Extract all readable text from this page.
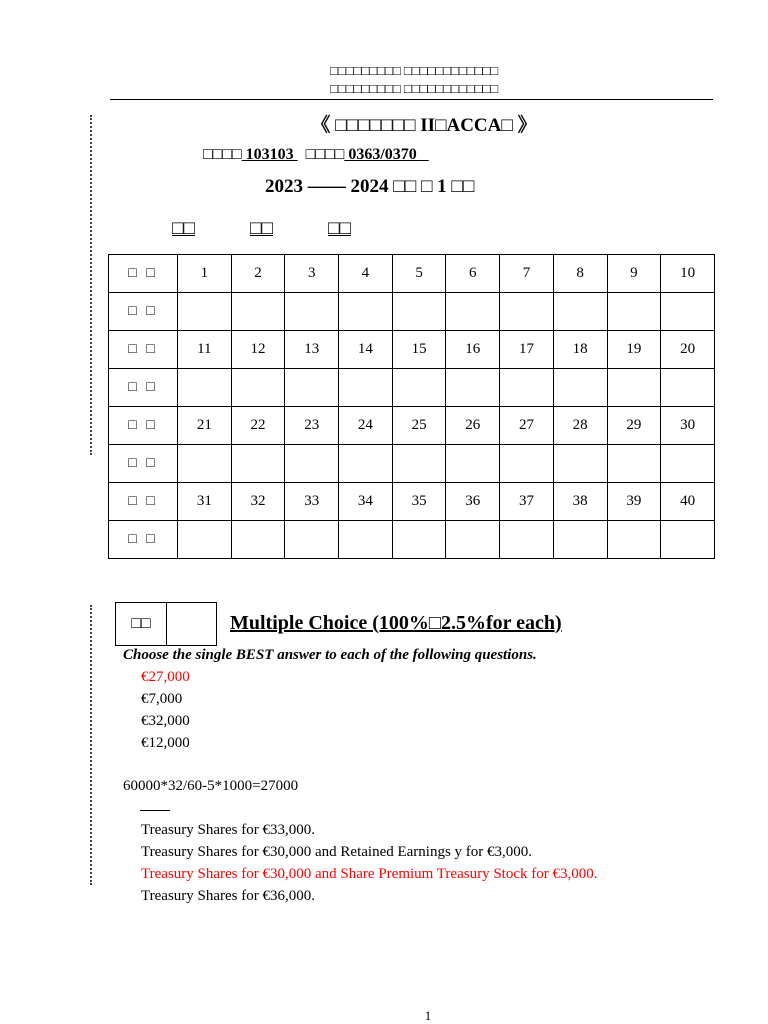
□□□□□□□□□ □□□□□□□□□□□□
□□□□□□□□□ □□□□□□□□□□□□
《 □□□□□□□ II□ACCA□ 》
□□□□ 103103   □□□□ 0363/0370
2023 —— 2024 □□ □ 1 □□
□□	□□	□□
□ □	1	2	3	4	5	6	7	8	9	10
□ □										
□ □	11	12	13	14	15	16	17	18	19	20
□ □										
□ □	21	22	23	24	25	26	27	28	29	30
□ □										
□ □	31	32	33	34	35	36	37	38	39	40
□ □										
□□	Multiple Choice (100%□2.5%for each)
Choose the single BEST answer to each of the following questions.
€27,000
€7,000
€32,000
€12,000
60000*32/60-5*1000=27000
Treasury Shares for €33,000.
Treasury Shares for €30,000 and Retained Earnings y for €3,000.
Treasury Shares for €30,000 and Share Premium Treasury Stock for €3,000.
Treasury Shares for €36,000.
1
